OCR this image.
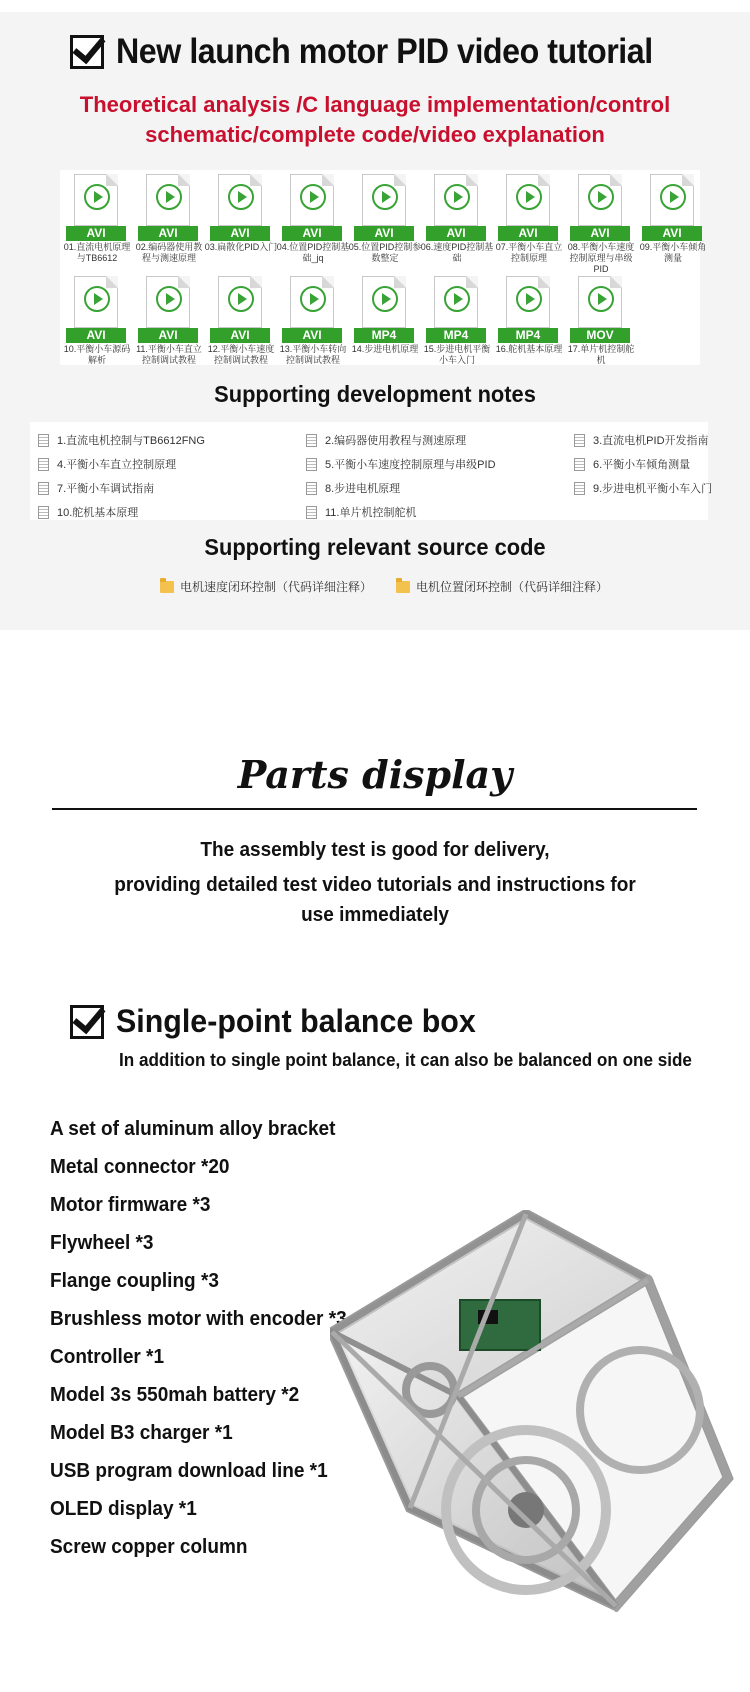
New launch motor PID video tutorial
Theoretical analysis /C language implementation/control
schematic/complete code/video explanation
AVI
01.直流电机原理与TB6612
AVI
02.编码器使用教程与测速原理
AVI
03.扁散化PID入门
AVI
04.位置PID控制基础_jq
AVI
05.位置PID控制参数整定
AVI
06.速度PID控制基础
AVI
07.平衡小车直立控制原理
AVI
08.平衡小车速度控制原理与串级PID
AVI
09.平衡小车倾角测量
AVI
10.平衡小车源码解析
AVI
11.平衡小车直立控制调试教程
AVI
12.平衡小车速度控制调试教程
AVI
13.平衡小车转向控制调试教程
MP4
14.步进电机原理
MP4
15.步进电机平衡小车入门
MP4
16.舵机基本原理
MOV
17.单片机控制舵机
Supporting development notes
1.直流电机控制与TB6612FNG	2.编码器使用教程与测速原理	3.直流电机PID开发指南
4.平衡小车直立控制原理	5.平衡小车速度控制原理与串级PID	6.平衡小车倾角测量
7.平衡小车调试指南	8.步进电机原理	9.步进电机平衡小车入门
10.舵机基本原理	11.单片机控制舵机
Supporting relevant source code
电机速度闭环控制（代码详细注释）	电机位置闭环控制（代码详细注释）
Parts display
The assembly test is good for delivery,
providing detailed test video tutorials and instructions for
use immediately
Single-point balance box
In addition to single point balance, it can also be balanced on one side
A set of aluminum alloy bracket
Metal connector *20
Motor firmware *3
Flywheel *3
Flange coupling *3
Brushless motor with encoder *3
Controller *1
Model 3s 550mah battery *2
Model B3 charger *1
USB program download line *1
OLED display *1
Screw copper column
